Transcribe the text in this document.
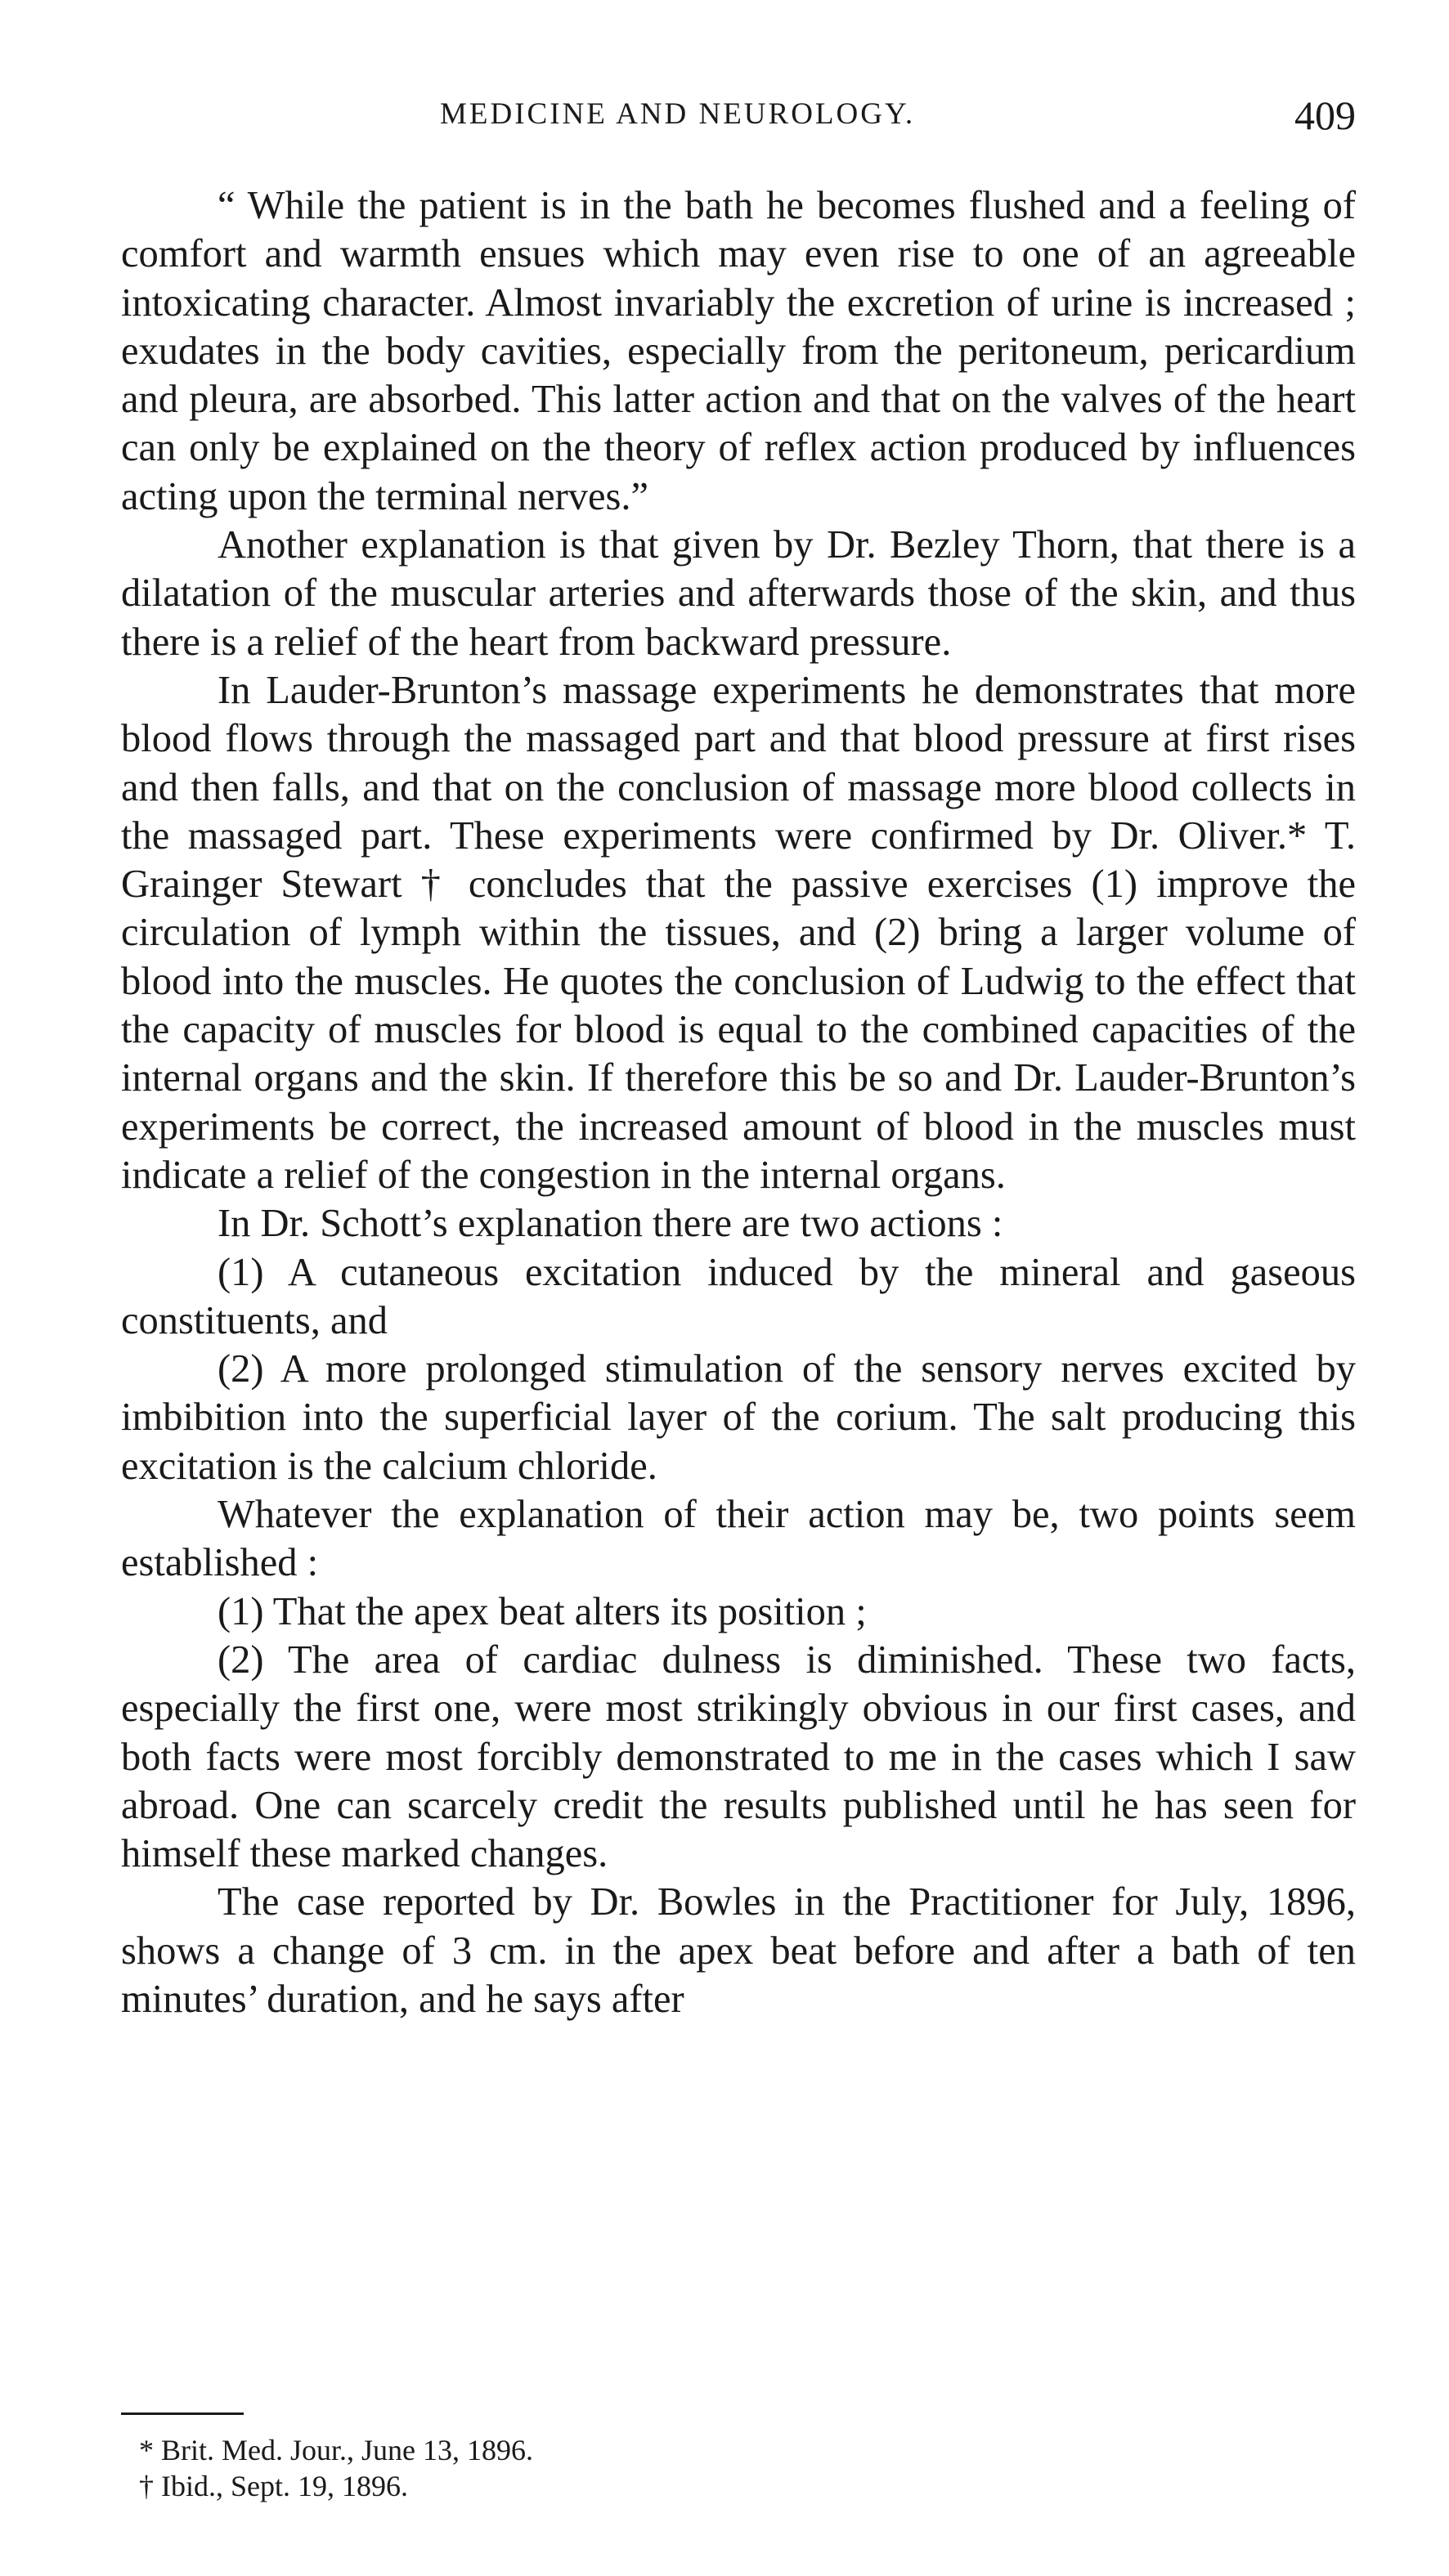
MEDICINE AND NEUROLOGY.	409

“ While the patient is in the bath he becomes flushed and a feeling of comfort and warmth ensues which may even rise to one of an agreeable intoxicating character. Almost invariably the excretion of urine is increased ; exudates in the body cavities, especially from the peritoneum, pericardium and pleura, are absorbed. This latter action and that on the valves of the heart can only be explained on the theory of reflex action produced by influences acting upon the terminal nerves.”

Another explanation is that given by Dr. Bezley Thorn, that there is a dilatation of the muscular arteries and afterwards those of the skin, and thus there is a relief of the heart from backward pressure.

In Lauder-Brunton’s massage experiments he demonstrates that more blood flows through the massaged part and that blood pressure at first rises and then falls, and that on the conclusion of massage more blood collects in the massaged part. These experiments were confirmed by Dr. Oliver.* T. Grainger Stewart † concludes that the passive exercises (1) improve the circulation of lymph within the tissues, and (2) bring a larger volume of blood into the muscles. He quotes the conclusion of Ludwig to the effect that the capacity of muscles for blood is equal to the combined capacities of the internal organs and the skin. If therefore this be so and Dr. Lauder-Brunton’s experiments be correct, the increased amount of blood in the muscles must indicate a relief of the congestion in the internal organs.

In Dr. Schott’s explanation there are two actions :

(1) A cutaneous excitation induced by the mineral and gaseous constituents, and

(2) A more prolonged stimulation of the sensory nerves excited by imbibition into the superficial layer of the corium. The salt producing this excitation is the calcium chloride.

Whatever the explanation of their action may be, two points seem established :

(1) That the apex beat alters its position ;

(2) The area of cardiac dulness is diminished. These two facts, especially the first one, were most strikingly obvious in our first cases, and both facts were most forcibly demonstrated to me in the cases which I saw abroad. One can scarcely credit the results published until he has seen for himself these marked changes.

The case reported by Dr. Bowles in the Practitioner for July, 1896, shows a change of 3 cm. in the apex beat before and after a bath of ten minutes’ duration, and he says after

* Brit. Med. Jour., June 13, 1896.
† Ibid., Sept. 19, 1896.
